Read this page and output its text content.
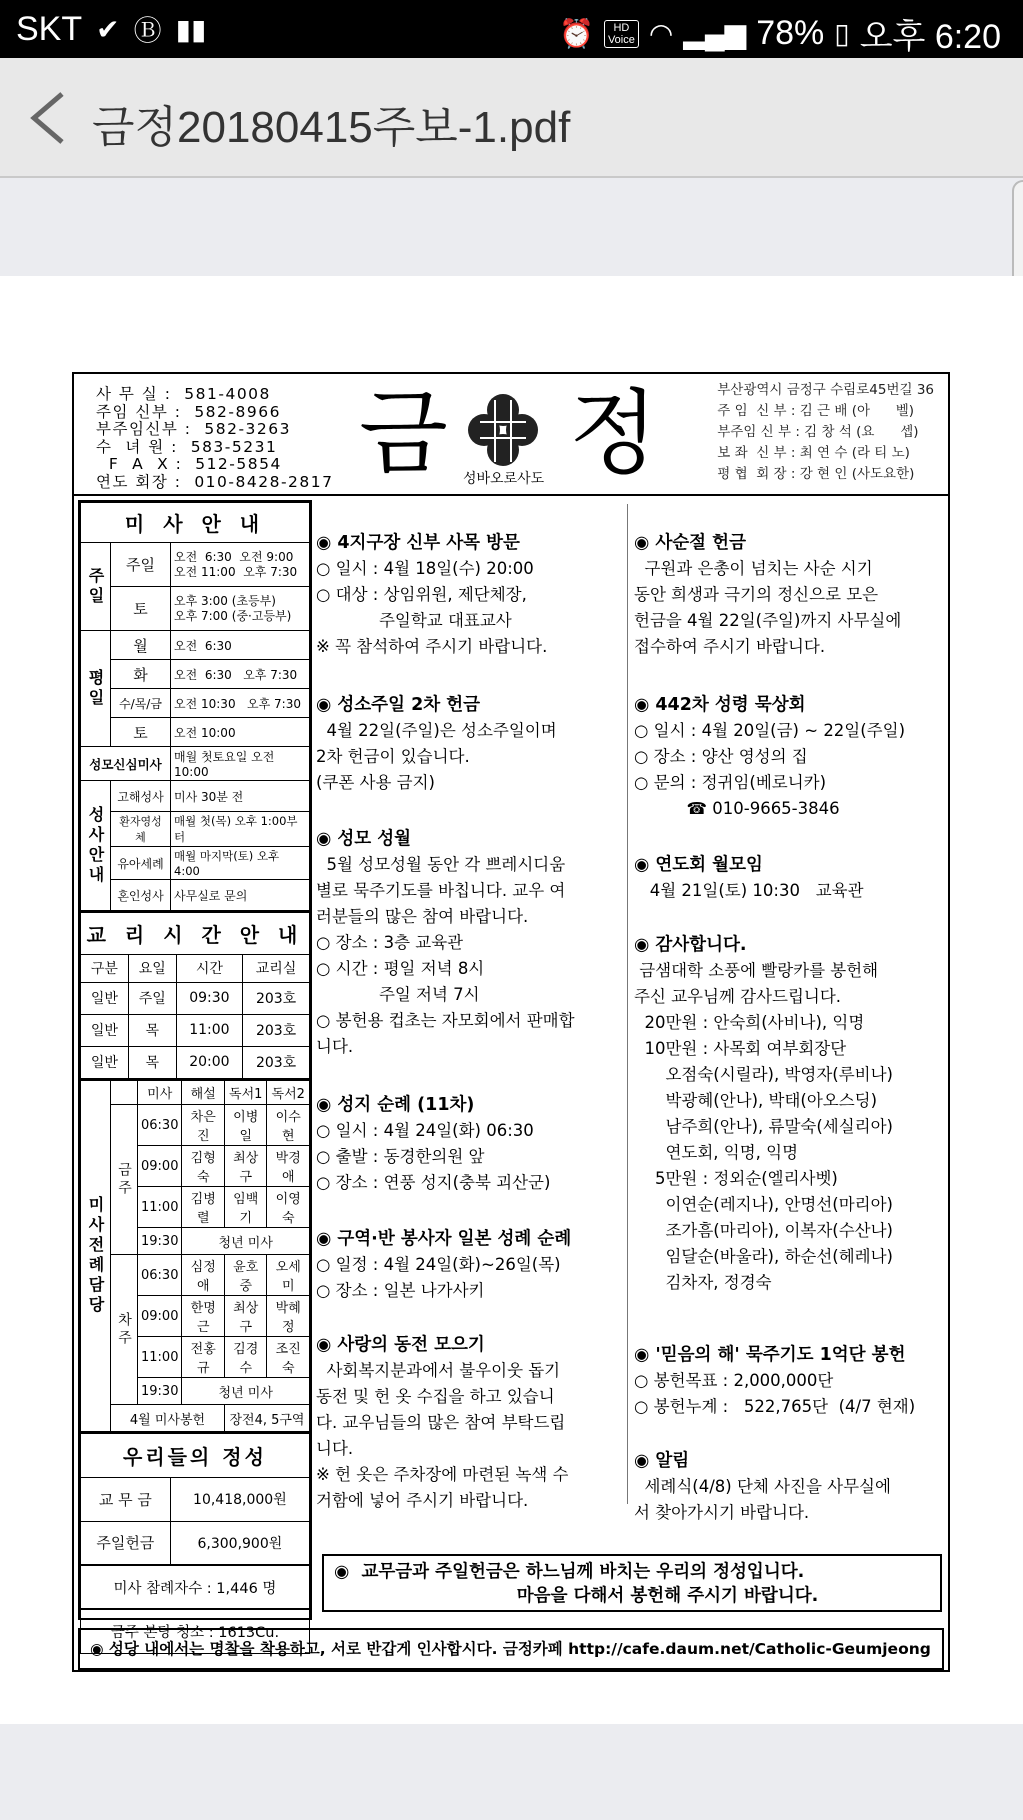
SKT ✔ Ⓑ ▮▮	⏰	HD
Voice ◠ ▂▄▆ 78% ▯ 오후 6:20
금정20180415주보-1.pdf
사 무 실 :  581-4008
주임 신부 :  582-8966
부주임신부 :  582-3263
수  녀 원 :  583-5231
F  A  X :  512-5854
연도 회장 :  010-8428-2817 금 정
성바오로사도
부산광역시 금정구 수림로45번길 36
주 임  신 부 : 김 근 배 (아      벨)
부주임 신 부 : 김 창 석 (요      셉)
보 좌  신 부 : 최 연 수 (라 티 노)
평 협  회 장 : 강 현 인 (사도요한)
미 사 안 내		
주일	주일	오전  6:30  오전 9:00
오전 11:00  오후 7:30
	토	오후 3:00 (초등부)
오후 7:00 (중·고등부)
평일	월	오전  6:30
	화	오전  6:30   오후 7:30
	수/목/금	오전 10:30   오후 7:30
	토	오전 10:00
성모신심미사		매월 첫토요일 오전 10:00
성사안내	고해성사	미사 30분 전
	환자영성체	매월 첫(목) 오후 1:00부터
	유아세례	매월 마지막(토) 오후 4:00
	혼인성사	사무실로 문의
교 리 시 간 안 내			
구분	요일	시간	교리실
일반	주일	09:30	203호
일반	목	11:00	203호
일반	목	20:00	203호
미사전례담당		미사	해설	독서1	독서2
	금주	06:30	차은진	이병일	이수현
		09:00	김형숙	최상구	박경애
		11:00	김병렬	임백기	이영숙
		19:30	청년 미사		
	차주	06:30	심정애	윤호중	오세미
		09:00	한명근	최상구	박혜정
		11:00	전홍규	김경수	조진숙
		19:30	청년 미사		
	4월 미사봉헌			장전4, 5구역	
우리들의 정성	
교 무 금	10,418,000원
주일헌금	6,300,900원
미사 참례자수 : 1,446 명	
금주 본당 청소 : 1613Cu.	
◉ 4지구장 신부 사목 방문
○ 일시 : 4월 18일(수) 20:00
○ 대상 : 상임위원, 제단체장,
주일학교 대표교사
※ 꼭 참석하여 주시기 바랍니다.
◉ 성소주일 2차 헌금
4월 22일(주일)은 성소주일이며
2차 헌금이 있습니다.
(쿠폰 사용 금지)
◉ 성모 성월
5월 성모성월 동안 각 쁘레시디움
별로 묵주기도를 바칩니다. 교우 여
러분들의 많은 참여 바랍니다.
○ 장소 : 3층 교육관
○ 시간 : 평일 저녁 8시
주일 저녁 7시
○ 봉헌용 컵초는 자모회에서 판매합
니다.
◉ 성지 순례 (11차)
○ 일시 : 4월 24일(화) 06:30
○ 출발 : 동경한의원 앞
○ 장소 : 연풍 성지(충북 괴산군)
◉ 구역·반 봉사자 일본 성례 순례
○ 일정 : 4월 24일(화)~26일(목)
○ 장소 : 일본 나가사키
◉ 사랑의 동전 모으기
사회복지분과에서 불우이웃 돕기
동전 및 헌 옷 수집을 하고 있습니
다. 교우님들의 많은 참여 부탁드립
니다.
※ 헌 옷은 주차장에 마련된 녹색 수
거함에 넣어 주시기 바랍니다.
◉ 사순절 헌금
구원과 은총이 넘치는 사순 시기
동안 희생과 극기의 정신으로 모은
헌금을 4월 22일(주일)까지 사무실에
접수하여 주시기 바랍니다.
◉ 442차 성령 묵상회
○ 일시 : 4월 20일(금) ~ 22일(주일)
○ 장소 : 양산 영성의 집
○ 문의 : 정귀임(베로니카)
☎ 010-9665-3846
◉ 연도회 월모임
4월 21일(토) 10:30   교육관
◉ 감사합니다.
금샘대학 소풍에 빨랑카를 봉헌해
주신 교우님께 감사드립니다.
20만원 : 안숙희(사비나), 익명
10만원 : 사목회 여부회장단
오점숙(시릴라), 박영자(루비나)
박광혜(안나), 박태(아오스딩)
남주희(안나), 류말숙(세실리아)
연도회, 익명, 익명
5만원 : 정외순(엘리사벳)
이연순(레지나), 안명선(마리아)
조가흠(마리아), 이복자(수산나)
임달순(바울라), 하순선(헤레나)
김차자, 정경숙
◉ '믿음의 해' 묵주기도 1억단 봉헌
○ 봉헌목표 : 2,000,000단
○ 봉헌누계 :   522,765단  (4/7 현재)
◉ 알림
세례식(4/8) 단체 사진을 사무실에
서 찾아가시기 바랍니다.
◉  교무금과 주일헌금은 하느님께 바치는 우리의 정성입니다.
마음을 다해서 봉헌해 주시기 바랍니다.
◉ 성당 내에서는 명찰을 착용하고, 서로 반갑게 인사합시다. 금정카페 http://cafe.daum.net/Catholic-Geumjeong
